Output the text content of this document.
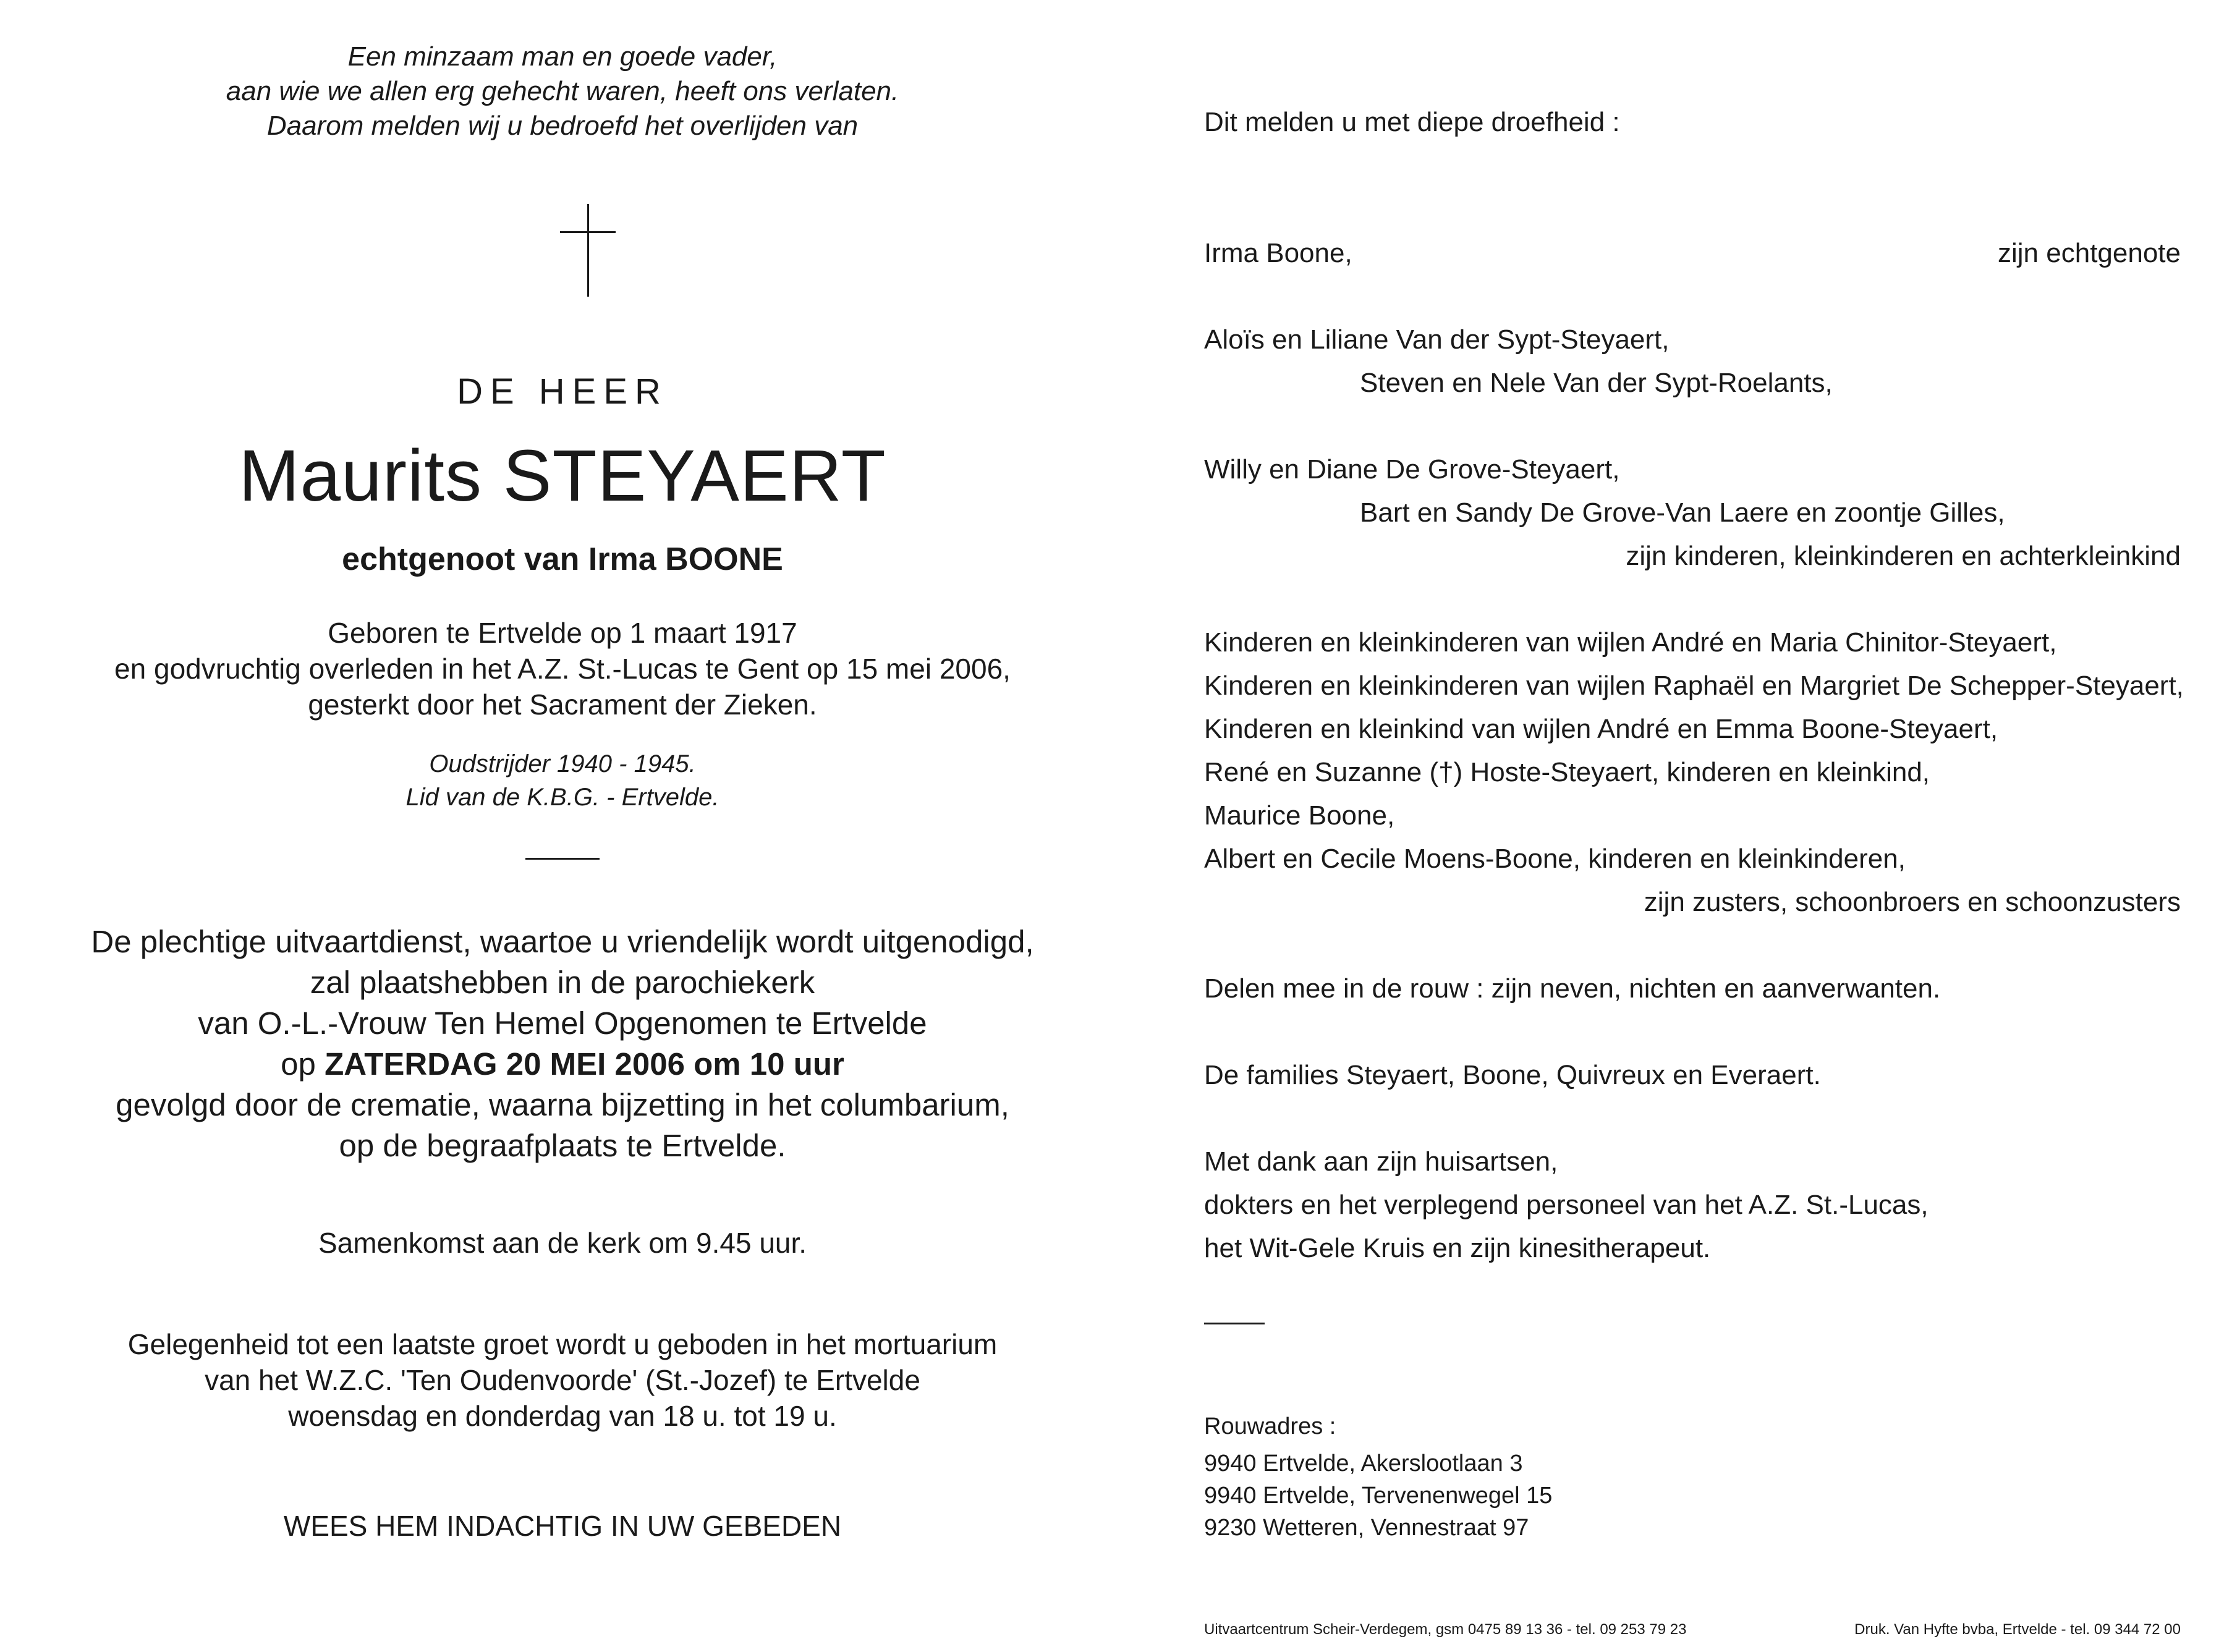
Een minzaam man en goede vader,
aan wie we allen erg gehecht waren, heeft ons verlaten.
Daarom melden wij u bedroefd het overlijden van
DE HEER
Maurits STEYAERT
echtgenoot van Irma BOONE
Geboren te Ertvelde op 1 maart 1917
en godvruchtig overleden in het A.Z. St.-Lucas te Gent op 15 mei 2006,
gesterkt door het Sacrament der Zieken.
Oudstrijder 1940 - 1945.
Lid van de K.B.G. - Ertvelde.
De plechtige uitvaartdienst, waartoe u vriendelijk wordt uitgenodigd,
zal plaatshebben in de parochiekerk
van O.-L.-Vrouw Ten Hemel Opgenomen te Ertvelde
op ZATERDAG 20 MEI 2006 om 10 uur
gevolgd door de crematie, waarna bijzetting in het columbarium,
op de begraafplaats te Ertvelde.
Samenkomst aan de kerk om 9.45 uur.
Gelegenheid tot een laatste groet wordt u geboden in het mortuarium
van het W.Z.C. 'Ten Oudenvoorde' (St.-Jozef) te Ertvelde
woensdag en donderdag van 18 u. tot 19 u.
WEES HEM INDACHTIG IN UW GEBEDEN
Dit melden u met diepe droefheid :
Irma Boone,	zijn echtgenote
Aloïs en Liliane Van der Sypt-Steyaert,
Steven en Nele Van der Sypt-Roelants,
Willy en Diane De Grove-Steyaert,
Bart en Sandy De Grove-Van Laere en zoontje Gilles,
zijn kinderen, kleinkinderen en achterkleinkind
Kinderen en kleinkinderen van wijlen André en Maria Chinitor-Steyaert,
Kinderen en kleinkinderen van wijlen Raphaël en Margriet De Schepper-Steyaert,
Kinderen en kleinkind van wijlen André en Emma Boone-Steyaert,
René en Suzanne (†) Hoste-Steyaert, kinderen en kleinkind,
Maurice Boone,
Albert en Cecile Moens-Boone, kinderen en kleinkinderen,
zijn zusters, schoonbroers en schoonzusters
Delen mee in de rouw : zijn neven, nichten en aanverwanten.
De families Steyaert, Boone, Quivreux en Everaert.
Met dank aan zijn huisartsen,
dokters en het verplegend personeel van het A.Z. St.-Lucas,
het Wit-Gele Kruis en zijn kinesitherapeut.
Rouwadres :
9940 Ertvelde, Akerslootlaan 3
9940 Ertvelde, Tervenenwegel 15
9230 Wetteren, Vennestraat 97
Uitvaartcentrum Scheir-Verdegem, gsm 0475 89 13 36 - tel. 09 253 79 23	Druk. Van Hyfte bvba, Ertvelde - tel. 09 344 72 00
